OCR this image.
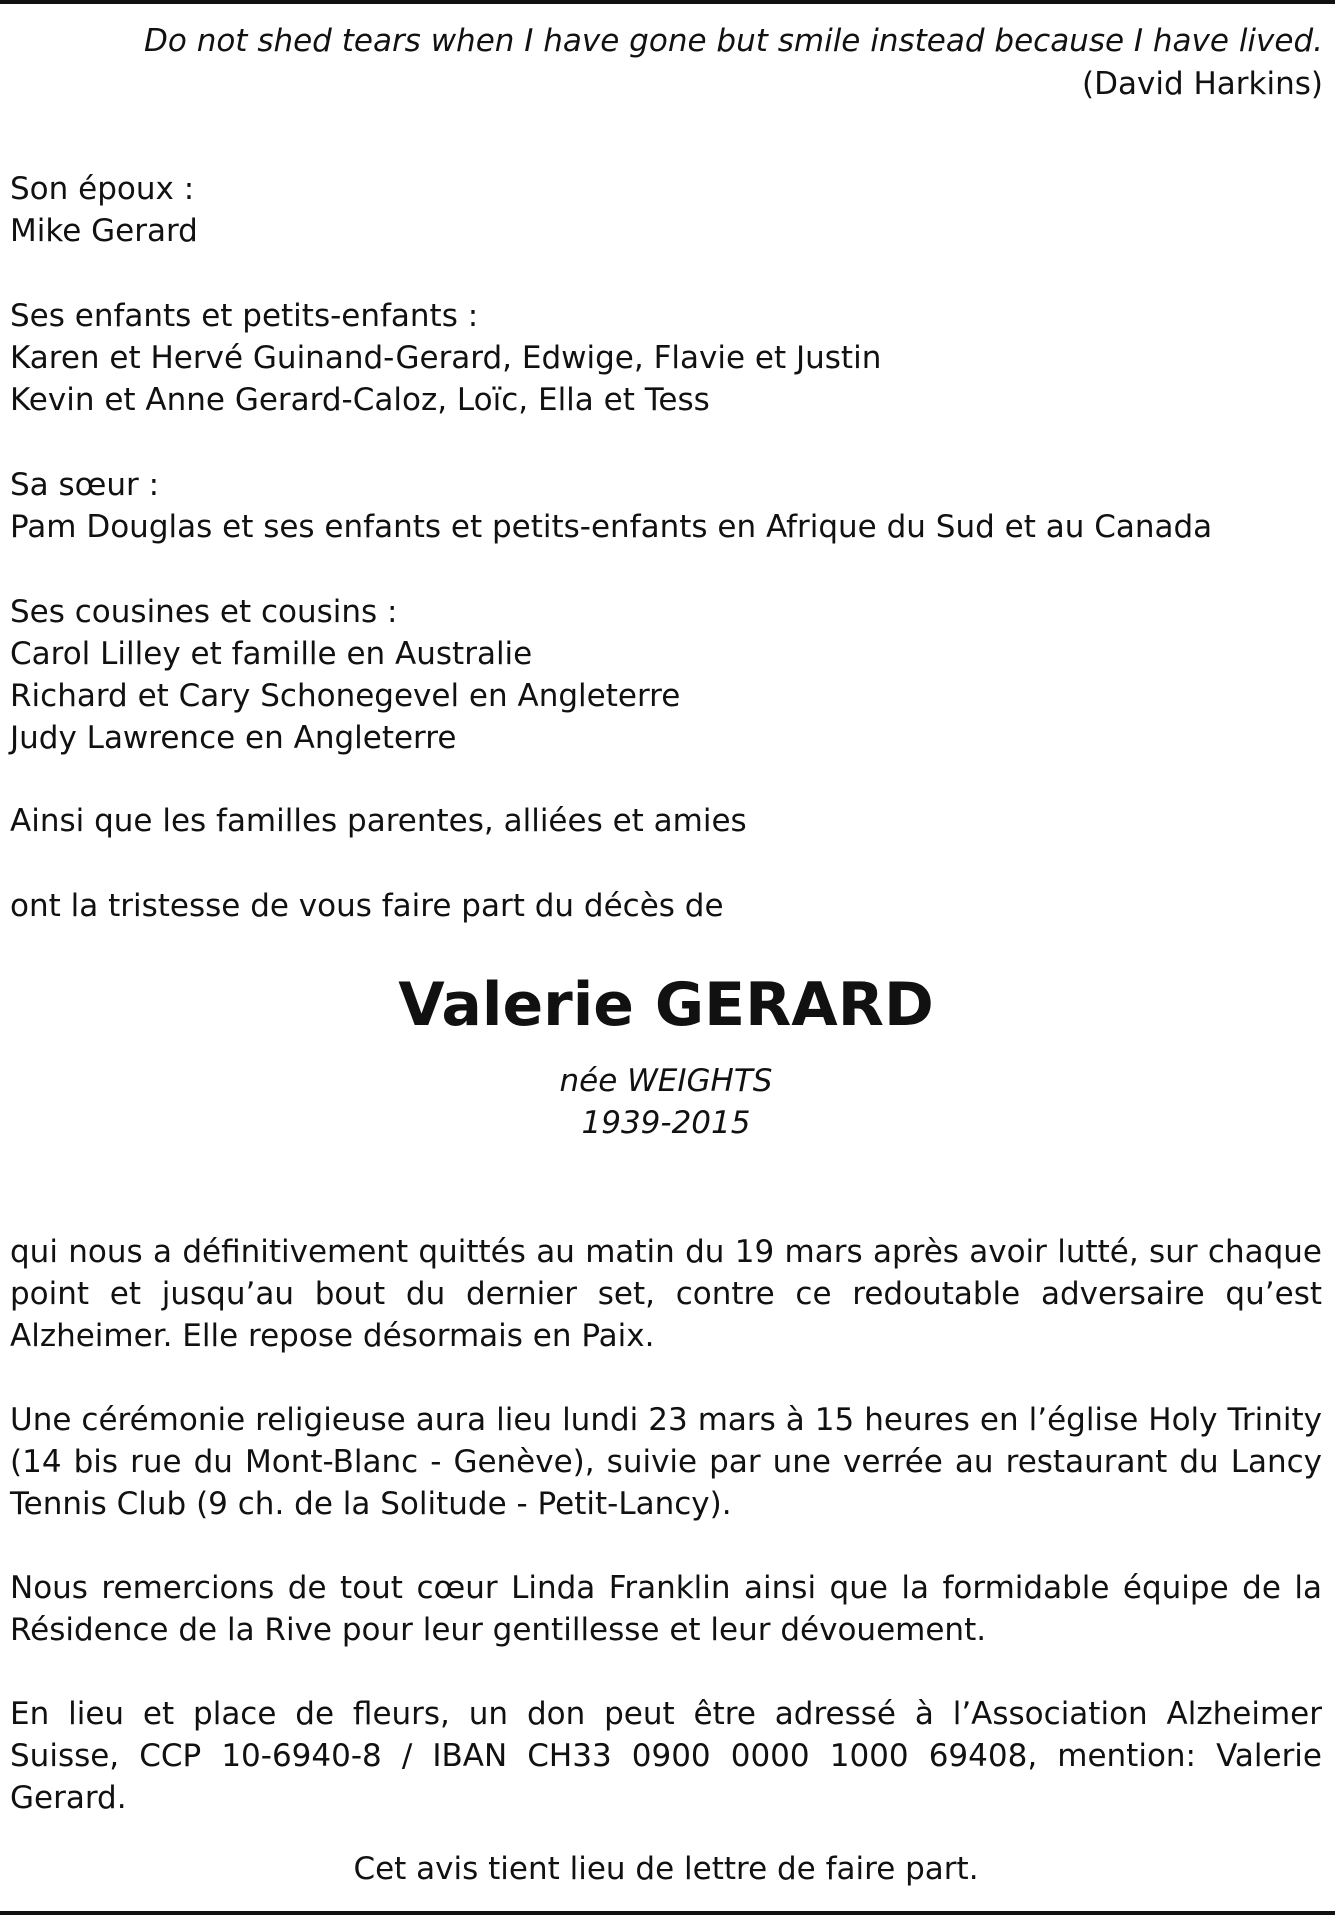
Do not shed tears when I have gone but smile instead because I have lived.
(David Harkins)

Son époux :

Mike Gerard

Ses enfants et petits-enfants :

Karen et Hervé Guinand-Gerard, Edwige, Flavie et Justin

Kevin et Anne Gerard-Caloz, Loïc, Ella et Tess

Sa sœur :

Pam Douglas et ses enfants et petits-enfants en Afrique du Sud et au Canada

Ses cousines et cousins :

Carol Lilley et famille en Australie

Richard et Cary Schonegevel en Angleterre

Judy Lawrence en Angleterre

Ainsi que les familles parentes, alliées et amies

ont la tristesse de vous faire part du décès de

Valerie GERARD
née WEIGHTS
1939-2015

qui nous a définitivement quittés au matin du 19 mars après avoir lutté, sur chaque point et jusqu’au bout du dernier set, contre ce redoutable adversaire qu’est Alzheimer. Elle repose désormais en Paix.

Une cérémonie religieuse aura lieu lundi 23 mars à 15 heures en l’église Holy Trinity (14 bis rue du Mont-Blanc - Genève), suivie par une verrée au restaurant du Lancy Tennis Club (9 ch. de la Solitude - Petit-Lancy).

Nous remercions de tout cœur Linda Franklin ainsi que la formidable équipe de la Résidence de la Rive pour leur gentillesse et leur dévouement.

En lieu et place de fleurs, un don peut être adressé à l’Association Alzheimer Suisse, CCP 10-6940-8 / IBAN CH33 0900 0000 1000 69408, mention: Valerie Gerard.

Cet avis tient lieu de lettre de faire part.
